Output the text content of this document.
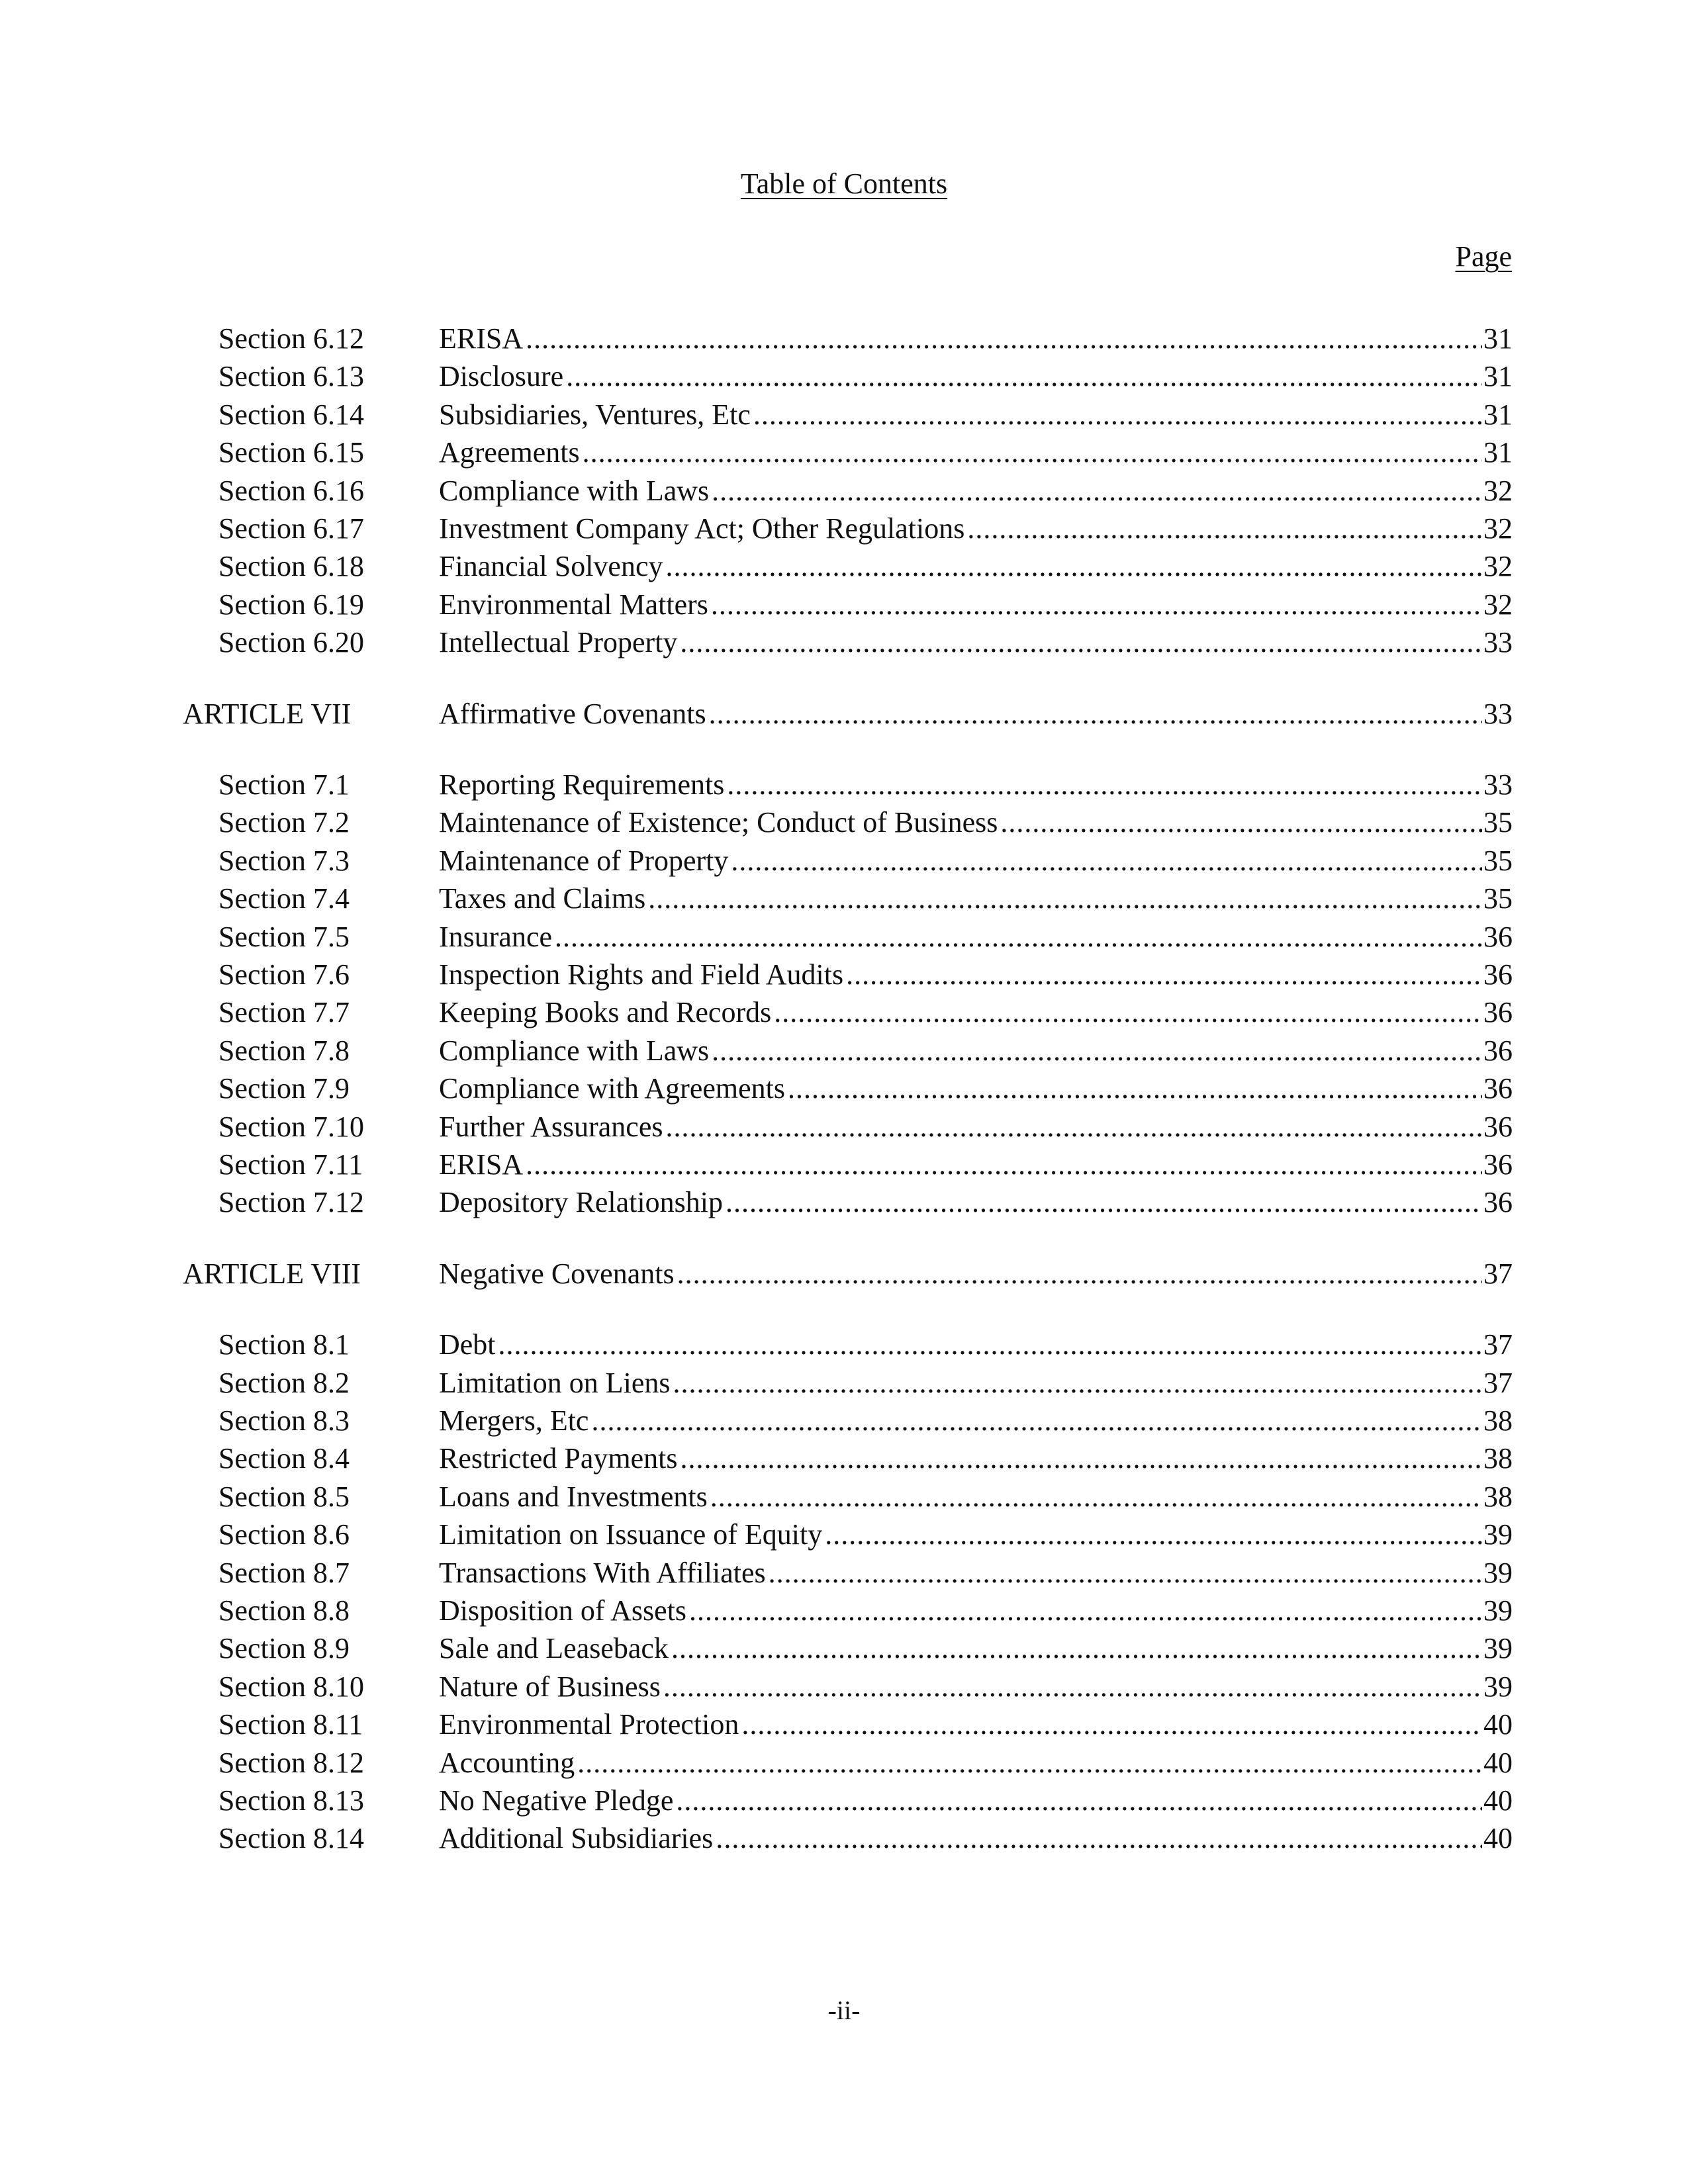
Table of Contents
Page
Section 6.12	ERISA .....	31
Section 6.13	Disclosure .....	31
Section 6.14	Subsidiaries, Ventures, Etc .....	31
Section 6.15	Agreements .....	31
Section 6.16	Compliance with Laws .....	32
Section 6.17	Investment Company Act; Other Regulations .....	32
Section 6.18	Financial Solvency .....	32
Section 6.19	Environmental Matters .....	32
Section 6.20	Intellectual Property .....	33
ARTICLE VII	Affirmative Covenants .....	33
Section 7.1	Reporting Requirements .....	33
Section 7.2	Maintenance of Existence; Conduct of Business .....	35
Section 7.3	Maintenance of Property .....	35
Section 7.4	Taxes and Claims .....	35
Section 7.5	Insurance .....	36
Section 7.6	Inspection Rights and Field Audits .....	36
Section 7.7	Keeping Books and Records .....	36
Section 7.8	Compliance with Laws .....	36
Section 7.9	Compliance with Agreements .....	36
Section 7.10	Further Assurances .....	36
Section 7.11	ERISA .....	36
Section 7.12	Depository Relationship .....	36
ARTICLE VIII	Negative Covenants .....	37
Section 8.1	Debt .....	37
Section 8.2	Limitation on Liens .....	37
Section 8.3	Mergers, Etc .....	38
Section 8.4	Restricted Payments .....	38
Section 8.5	Loans and Investments .....	38
Section 8.6	Limitation on Issuance of Equity .....	39
Section 8.7	Transactions With Affiliates .....	39
Section 8.8	Disposition of Assets .....	39
Section 8.9	Sale and Leaseback .....	39
Section 8.10	Nature of Business .....	39
Section 8.11	Environmental Protection .....	40
Section 8.12	Accounting .....	40
Section 8.13	No Negative Pledge .....	40
Section 8.14	Additional Subsidiaries .....	40
-ii-
